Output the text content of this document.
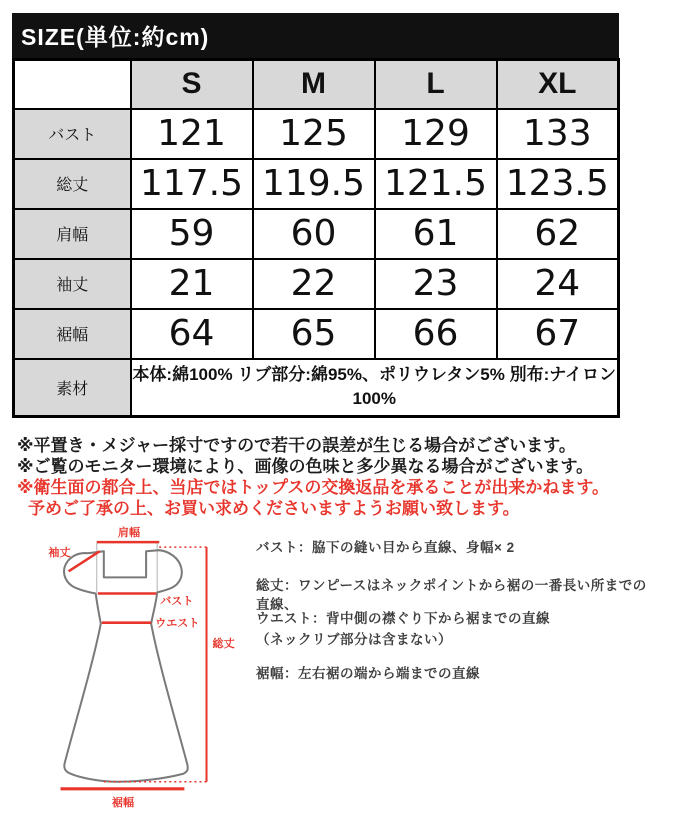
SIZE(単位:約cm)
	S	M	L	XL
バスト	121	125	129	133
総丈	117.5	119.5	121.5	123.5
肩幅	59	60	61	62
袖丈	21	22	23	24
裾幅	64	65	66	67
素材	本体:綿100% リブ部分:綿95%、ポリウレタン5% 別布:ナイロン100%			
※平置き・メジャー採寸ですので若干の誤差が生じる場合がございます。
※ご覧のモニター環境により、画像の色味と多少異なる場合がございます。
※衛生面の都合上、当店ではトップスの交換返品を承ることが出来かねます。
予めご了承の上、お買い求めくださいますようお願い致します。
肩幅
袖丈
バスト
ウエスト
総丈
裾幅
バスト：脇下の縫い目から直線、身幅× 2
総丈：ワンピースはネックポイントから裾の一番長い所までの
直線、
ウエスト：背中側の襟ぐり下から裾までの直線
（ネックリブ部分は含まない）
裾幅：左右裾の端から端までの直線
